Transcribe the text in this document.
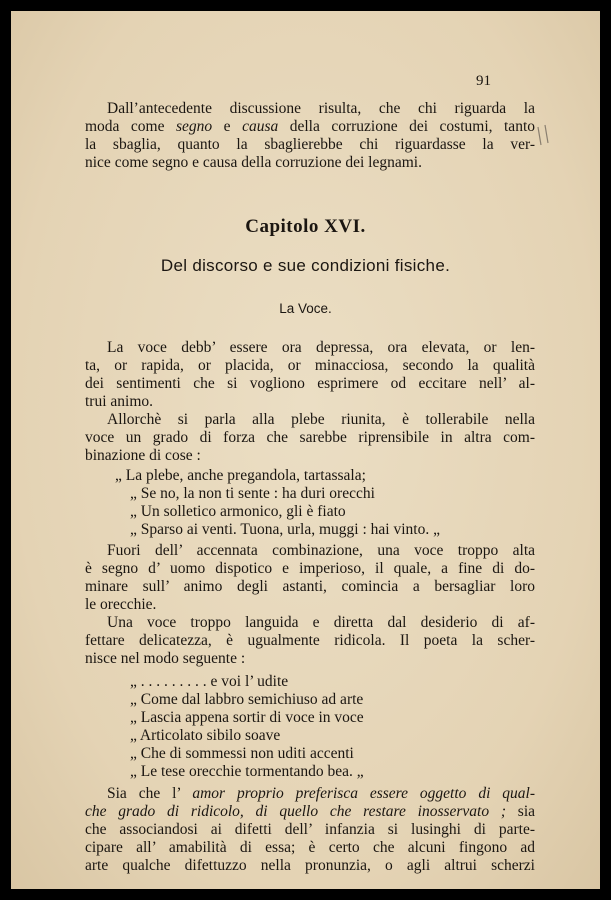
91
Dall’antecedente discussione risulta, che chi riguarda la
moda come segno e causa della corruzione dei costumi, tanto
la sbaglia, quanto la sbaglierebbe chi riguardasse la ver-
nice come segno e causa della corruzione dei legnami.
Capitolo XVI.
Del discorso e sue condizioni fisiche.
La Voce.
La voce debb’ essere ora depressa, ora elevata, or len-
ta, or rapida, or placida, or minacciosa, secondo la qualità
dei sentimenti che si vogliono esprimere od eccitare nell’ al-
trui animo.
Allorchè si parla alla plebe riunita, è tollerabile nella
voce un grado di forza che sarebbe riprensibile in altra com-
binazione di cose :
„ La plebe, anche pregandola, tartassala;
„ Se no, la non ti sente : ha duri orecchi
„ Un solletico armonico, gli è fiato
„ Sparso ai venti. Tuona, urla, muggi : hai vinto. „
Fuori dell’ accennata combinazione, una voce troppo alta
è segno d’ uomo dispotico e imperioso, il quale, a fine di do-
minare sull’ animo degli astanti, comincia a bersagliar loro
le orecchie.
Una voce troppo languida e diretta dal desiderio di af-
fettare delicatezza, è ugualmente ridicola. Il poeta la scher-
nisce nel modo seguente :
„ . . . . . . . . . e voi l’ udite
„ Come dal labbro semichiuso ad arte
„ Lascia appena sortir di voce in voce
„ Articolato sibilo soave
„ Che di sommessi non uditi accenti
„ Le tese orecchie tormentando bea. „
Sia che l’ amor proprio preferisca essere oggetto di qual-
che grado di ridicolo, di quello che restare inosservato ; sia
che associandosi ai difetti dell’ infanzia si lusinghi di parte-
cipare all’ amabilità di essa; è certo che alcuni fingono ad
arte qualche difettuzzo nella pronunzia, o agli altrui scherzi
